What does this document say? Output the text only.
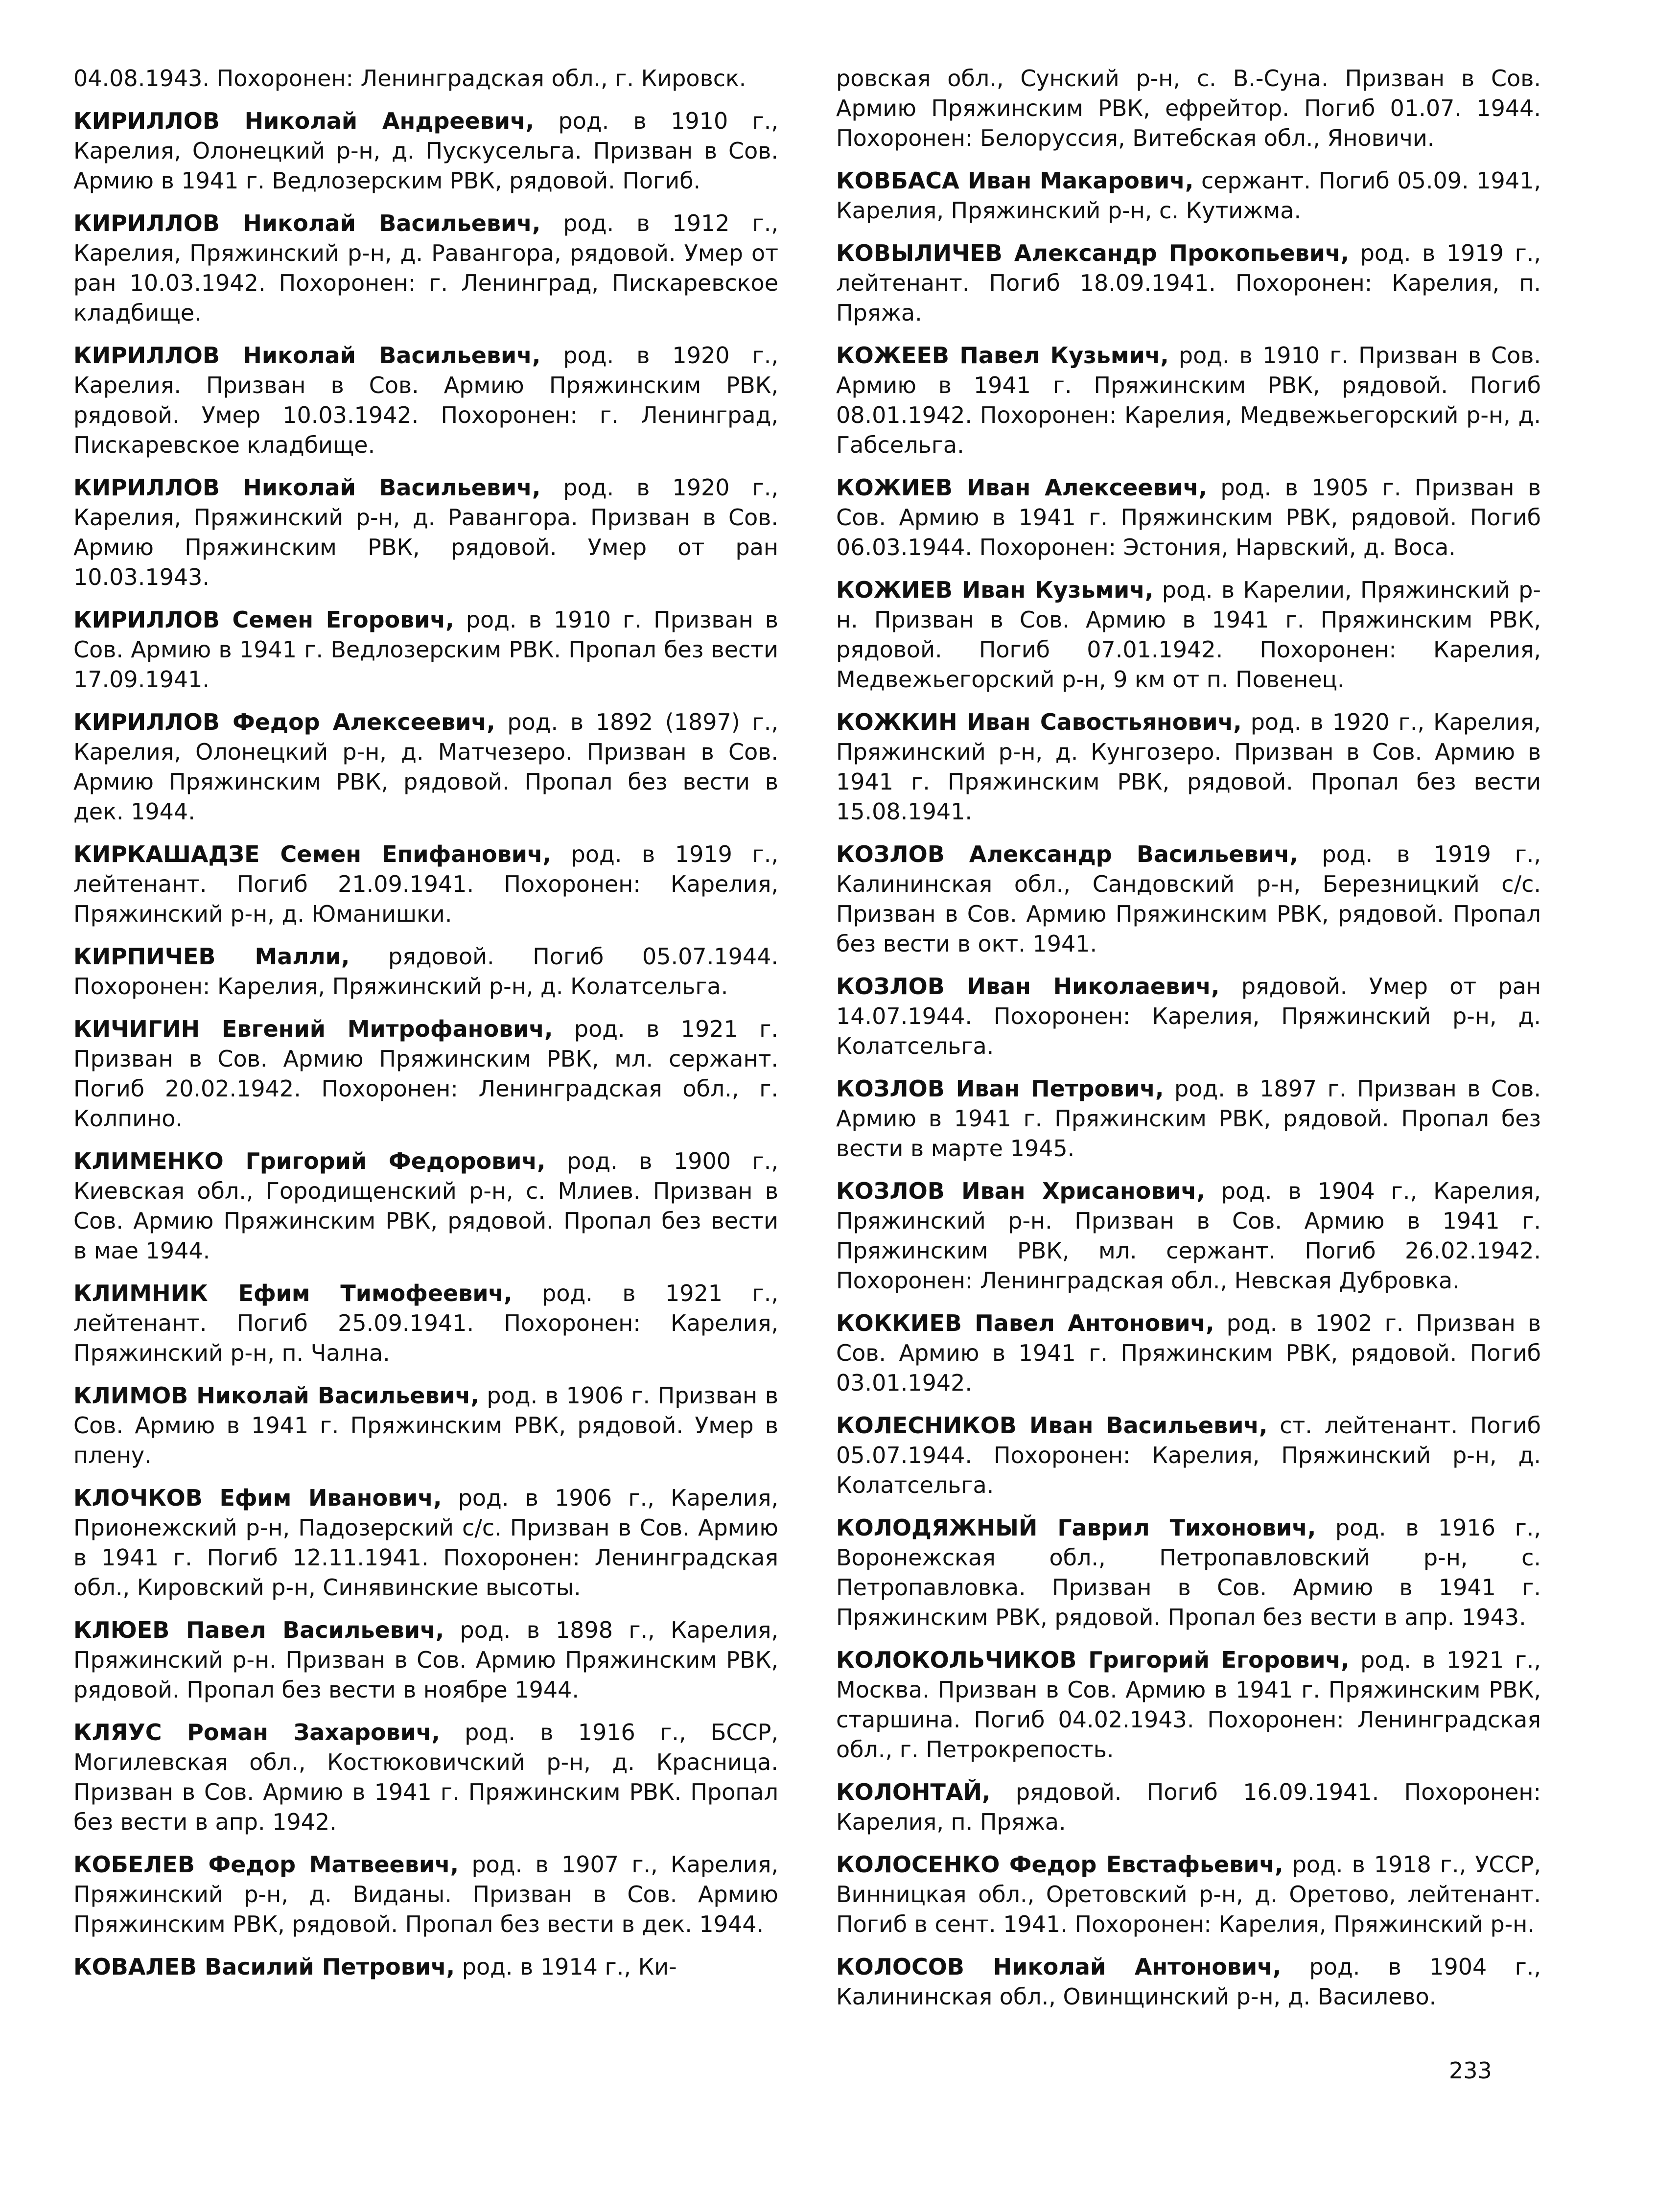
04.08.1943. Похоронен: Ленинградская обл., г. Кировск.

КИРИЛЛОВ Николай Андреевич, род. в 1910 г., Карелия, Олонецкий р-н, д. Пускусельга. Призван в Сов. Армию в 1941 г. Ведлозерским РВК, рядовой. Погиб.

КИРИЛЛОВ Николай Васильевич, род. в 1912 г., Карелия, Пряжинский р-н, д. Равангора, рядовой. Умер от ран 10.03.1942. Похоронен: г. Ленинград, Пискаревское кладбище.

КИРИЛЛОВ Николай Васильевич, род. в 1920 г., Карелия. Призван в Сов. Армию Пряжинским РВК, рядовой. Умер 10.03.1942. Похоронен: г. Ленинград, Пискаревское кладбище.

КИРИЛЛОВ Николай Васильевич, род. в 1920 г., Карелия, Пряжинский р-н, д. Равангора. Призван в Сов. Армию Пряжинским РВК, рядовой. Умер от ран 10.03.1943.

КИРИЛЛОВ Семен Егорович, род. в 1910 г. Призван в Сов. Армию в 1941 г. Ведлозерским РВК. Пропал без вести 17.09.1941.

КИРИЛЛОВ Федор Алексеевич, род. в 1892 (1897) г., Карелия, Олонецкий р-н, д. Матчезеро. Призван в Сов. Армию Пряжинским РВК, рядовой. Пропал без вести в дек. 1944.

КИРКАШАДЗЕ Семен Епифанович, род. в 1919 г., лейтенант. Погиб 21.09.1941. Похоронен: Карелия, Пряжинский р-н, д. Юманишки.

КИРПИЧЕВ Малли, рядовой. Погиб 05.07.1944. Похоронен: Карелия, Пряжинский р-н, д. Колатсельга.

КИЧИГИН Евгений Митрофанович, род. в 1921 г. Призван в Сов. Армию Пряжинским РВК, мл. сержант. Погиб 20.02.1942. Похоронен: Ленинградская обл., г. Колпино.

КЛИМЕНКО Григорий Федорович, род. в 1900 г., Киевская обл., Городищенский р-н, с. Млиев. Призван в Сов. Армию Пряжинским РВК, рядовой. Пропал без вести в мае 1944.

КЛИМНИК Ефим Тимофеевич, род. в 1921 г., лейтенант. Погиб 25.09.1941. Похоронен: Карелия, Пряжинский р-н, п. Чална.

КЛИМОВ Николай Васильевич, род. в 1906 г. Призван в Сов. Армию в 1941 г. Пряжинским РВК, рядовой. Умер в плену.

КЛОЧКОВ Ефим Иванович, род. в 1906 г., Карелия, Прионежский р-н, Падозерский с/с. Призван в Сов. Армию в 1941 г. Погиб 12.11.1941. Похоронен: Ленинградская обл., Кировский р-н, Синявинские высоты.

КЛЮЕВ Павел Васильевич, род. в 1898 г., Карелия, Пряжинский р-н. Призван в Сов. Армию Пряжинским РВК, рядовой. Пропал без вести в ноябре 1944.

КЛЯУС Роман Захарович, род. в 1916 г., БССР, Могилевская обл., Костюковичский р-н, д. Красница. Призван в Сов. Армию в 1941 г. Пряжинским РВК. Пропал без вести в апр. 1942.

КОБЕЛЕВ Федор Матвеевич, род. в 1907 г., Карелия, Пряжинский р-н, д. Виданы. Призван в Сов. Армию Пряжинским РВК, рядовой. Пропал без вести в дек. 1944.

КОВАЛЕВ Василий Петрович, род. в 1914 г., Ки-

ровская обл., Сунский р-н, с. В.-Суна. Призван в Сов. Армию Пряжинским РВК, ефрейтор. Погиб 01.07. 1944. Похоронен: Белоруссия, Витебская обл., Яновичи.

КОВБАСА Иван Макарович, сержант. Погиб 05.09. 1941, Карелия, Пряжинский р-н, с. Кутижма.

КОВЫЛИЧЕВ Александр Прокопьевич, род. в 1919 г., лейтенант. Погиб 18.09.1941. Похоронен: Карелия, п. Пряжа.

КОЖЕЕВ Павел Кузьмич, род. в 1910 г. Призван в Сов. Армию в 1941 г. Пряжинским РВК, рядовой. Погиб 08.01.1942. Похоронен: Карелия, Медвежьегорский р-н, д. Габсельга.

КОЖИЕВ Иван Алексеевич, род. в 1905 г. Призван в Сов. Армию в 1941 г. Пряжинским РВК, рядовой. Погиб 06.03.1944. Похоронен: Эстония, Нарвский, д. Воса.

КОЖИЕВ Иван Кузьмич, род. в Карелии, Пряжинский р-н. Призван в Сов. Армию в 1941 г. Пряжинским РВК, рядовой. Погиб 07.01.1942. Похоронен: Карелия, Медвежьегорский р-н, 9 км от п. Повенец.

КОЖКИН Иван Савостьянович, род. в 1920 г., Карелия, Пряжинский р-н, д. Кунгозеро. Призван в Сов. Армию в 1941 г. Пряжинским РВК, рядовой. Пропал без вести 15.08.1941.

КОЗЛОВ Александр Васильевич, род. в 1919 г., Калининская обл., Сандовский р-н, Березницкий с/с. Призван в Сов. Армию Пряжинским РВК, рядовой. Пропал без вести в окт. 1941.

КОЗЛОВ Иван Николаевич, рядовой. Умер от ран 14.07.1944. Похоронен: Карелия, Пряжинский р-н, д. Колатсельга.

КОЗЛОВ Иван Петрович, род. в 1897 г. Призван в Сов. Армию в 1941 г. Пряжинским РВК, рядовой. Пропал без вести в марте 1945.

КОЗЛОВ Иван Хрисанович, род. в 1904 г., Карелия, Пряжинский р-н. Призван в Сов. Армию в 1941 г. Пряжинским РВК, мл. сержант. Погиб 26.02.1942. Похоронен: Ленинградская обл., Невская Дубровка.

КОККИЕВ Павел Антонович, род. в 1902 г. Призван в Сов. Армию в 1941 г. Пряжинским РВК, рядовой. Погиб 03.01.1942.

КОЛЕСНИКОВ Иван Васильевич, ст. лейтенант. Погиб 05.07.1944. Похоронен: Карелия, Пряжинский р-н, д. Колатсельга.

КОЛОДЯЖНЫЙ Гаврил Тихонович, род. в 1916 г., Воронежская обл., Петропавловский р-н, с. Петропавловка. Призван в Сов. Армию в 1941 г. Пряжинским РВК, рядовой. Пропал без вести в апр. 1943.

КОЛОКОЛЬЧИКОВ Григорий Егорович, род. в 1921 г., Москва. Призван в Сов. Армию в 1941 г. Пряжинским РВК, старшина. Погиб 04.02.1943. Похоронен: Ленинградская обл., г. Петрокрепость.

КОЛОНТАЙ, рядовой. Погиб 16.09.1941. Похоронен: Карелия, п. Пряжа.

КОЛОСЕНКО Федор Евстафьевич, род. в 1918 г., УССР, Винницкая обл., Оретовский р-н, д. Оретово, лейтенант. Погиб в сент. 1941. Похоронен: Карелия, Пряжинский р-н.

КОЛОСОВ Николай Антонович, род. в 1904 г., Калининская обл., Овинщинский р-н, д. Василево.

233
